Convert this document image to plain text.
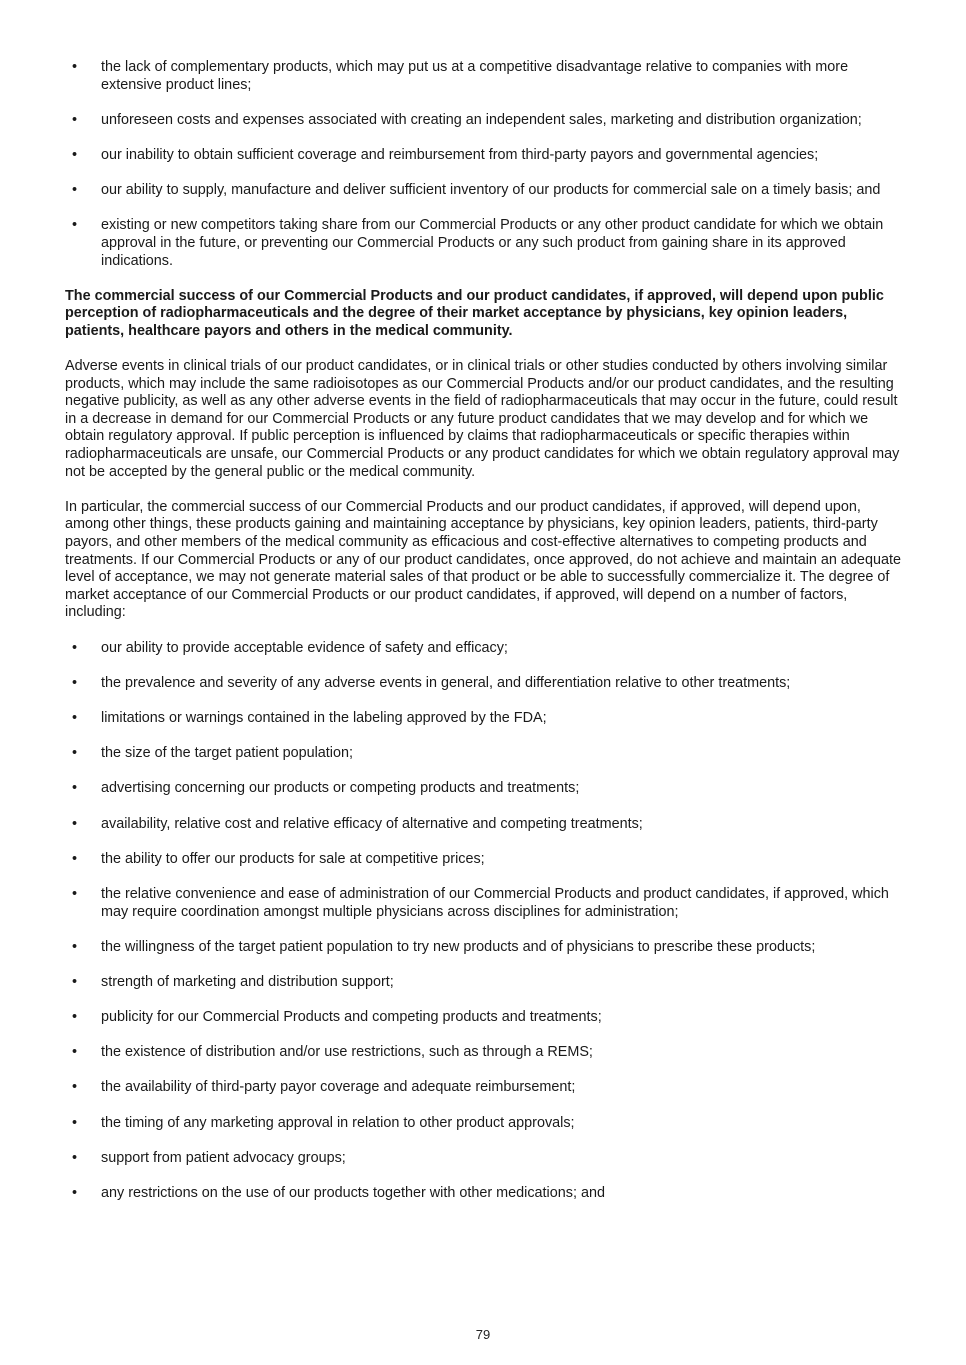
• the lack of complementary products, which may put us at a competitive disadvantage relative to companies with more extensive product lines;
• unforeseen costs and expenses associated with creating an independent sales, marketing and distribution organization;
• our inability to obtain sufficient coverage and reimbursement from third-party payors and governmental agencies;
• our ability to supply, manufacture and deliver sufficient inventory of our products for commercial sale on a timely basis; and
• existing or new competitors taking share from our Commercial Products or any other product candidate for which we obtain approval in the future, or preventing our Commercial Products or any such product from gaining share in its approved indications.
The commercial success of our Commercial Products and our product candidates, if approved, will depend upon public perception of radiopharmaceuticals and the degree of their market acceptance by physicians, key opinion leaders, patients, healthcare payors and others in the medical community.

Adverse events in clinical trials of our product candidates, or in clinical trials or other studies conducted by others involving similar products, which may include the same radioisotopes as our Commercial Products and/or our product candidates, and the resulting negative publicity, as well as any other adverse events in the field of radiopharmaceuticals that may occur in the future, could result in a decrease in demand for our Commercial Products or any future product candidates that we may develop and for which we obtain regulatory approval. If public perception is influenced by claims that radiopharmaceuticals or specific therapies within radiopharmaceuticals are unsafe, our Commercial Products or any product candidates for which we obtain regulatory approval may not be accepted by the general public or the medical community.

In particular, the commercial success of our Commercial Products and our product candidates, if approved, will depend upon, among other things, these products gaining and maintaining acceptance by physicians, key opinion leaders, patients, third-party payors, and other members of the medical community as efficacious and cost-effective alternatives to competing products and treatments. If our Commercial Products or any of our product candidates, once approved, do not achieve and maintain an adequate level of acceptance, we may not generate material sales of that product or be able to successfully commercialize it. The degree of market acceptance of our Commercial Products or our product candidates, if approved, will depend on a number of factors, including:

• our ability to provide acceptable evidence of safety and efficacy;
• the prevalence and severity of any adverse events in general, and differentiation relative to other treatments;
• limitations or warnings contained in the labeling approved by the FDA;
• the size of the target patient population;
• advertising concerning our products or competing products and treatments;
• availability, relative cost and relative efficacy of alternative and competing treatments;
• the ability to offer our products for sale at competitive prices;
• the relative convenience and ease of administration of our Commercial Products and product candidates, if approved, which may require coordination amongst multiple physicians across disciplines for administration;
• the willingness of the target patient population to try new products and of physicians to prescribe these products;
• strength of marketing and distribution support;
• publicity for our Commercial Products and competing products and treatments;
• the existence of distribution and/or use restrictions, such as through a REMS;
• the availability of third-party payor coverage and adequate reimbursement;
• the timing of any marketing approval in relation to other product approvals;
• support from patient advocacy groups;
• any restrictions on the use of our products together with other medications; and
79
